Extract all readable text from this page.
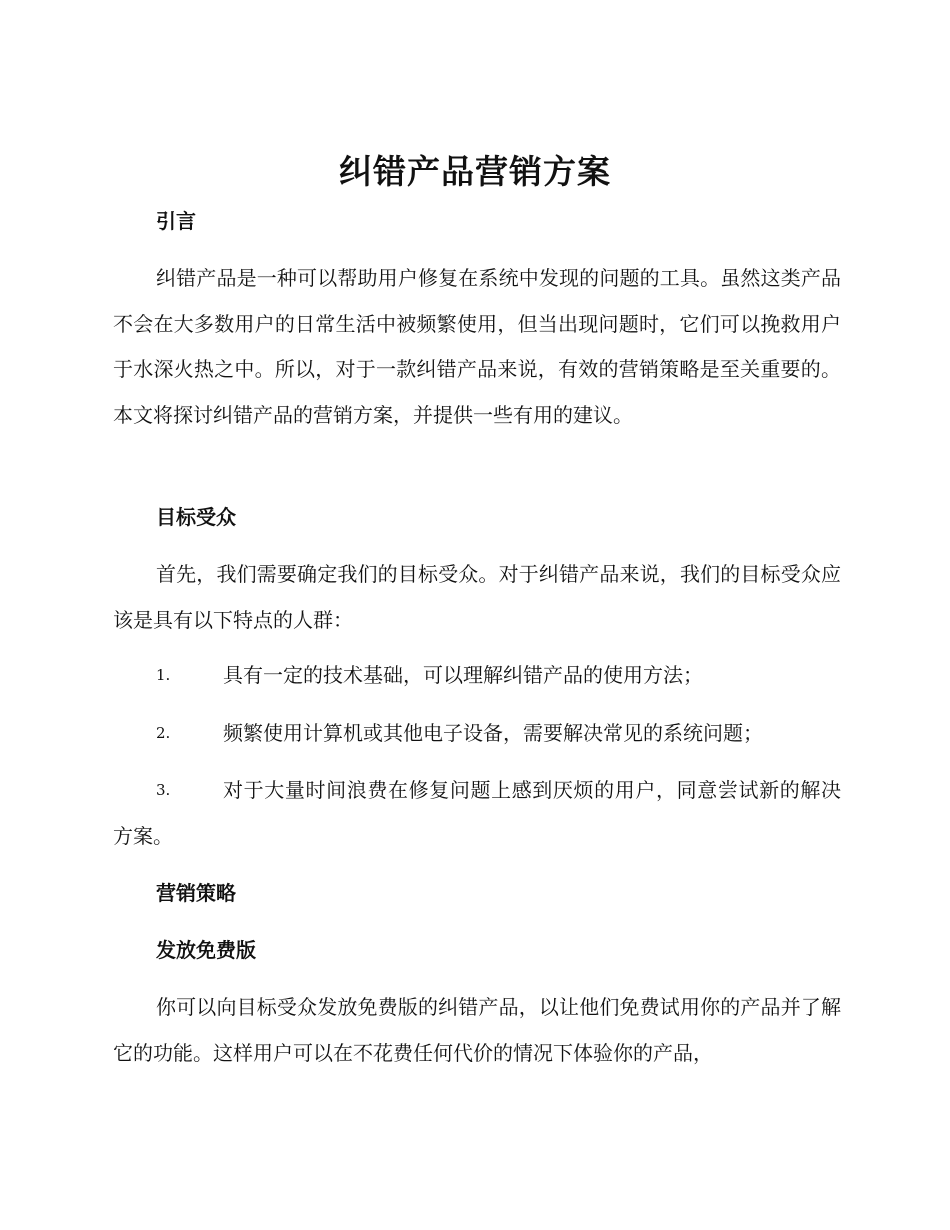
纠错产品营销方案
引言

纠错产品是一种可以帮助用户修复在系统中发现的问题的工具。虽然这类产品不会在大多数用户的日常生活中被频繁使用，但当出现问题时，它们可以挽救用户于水深火热之中。所以，对于一款纠错产品来说，有效的营销策略是至关重要的。本文将探讨纠错产品的营销方案，并提供一些有用的建议。

目标受众

首先，我们需要确定我们的目标受众。对于纠错产品来说，我们的目标受众应该是具有以下特点的人群：

1.	具有一定的技术基础，可以理解纠错产品的使用方法；
2.	频繁使用计算机或其他电子设备，需要解决常见的系统问题；
3.	对于大量时间浪费在修复问题上感到厌烦的用户，同意尝试新的解决方案。
营销策略
发放免费版

你可以向目标受众发放免费版的纠错产品，以让他们免费试用你的产品并了解它的功能。这样用户可以在不花费任何代价的情况下体验你的产品，
